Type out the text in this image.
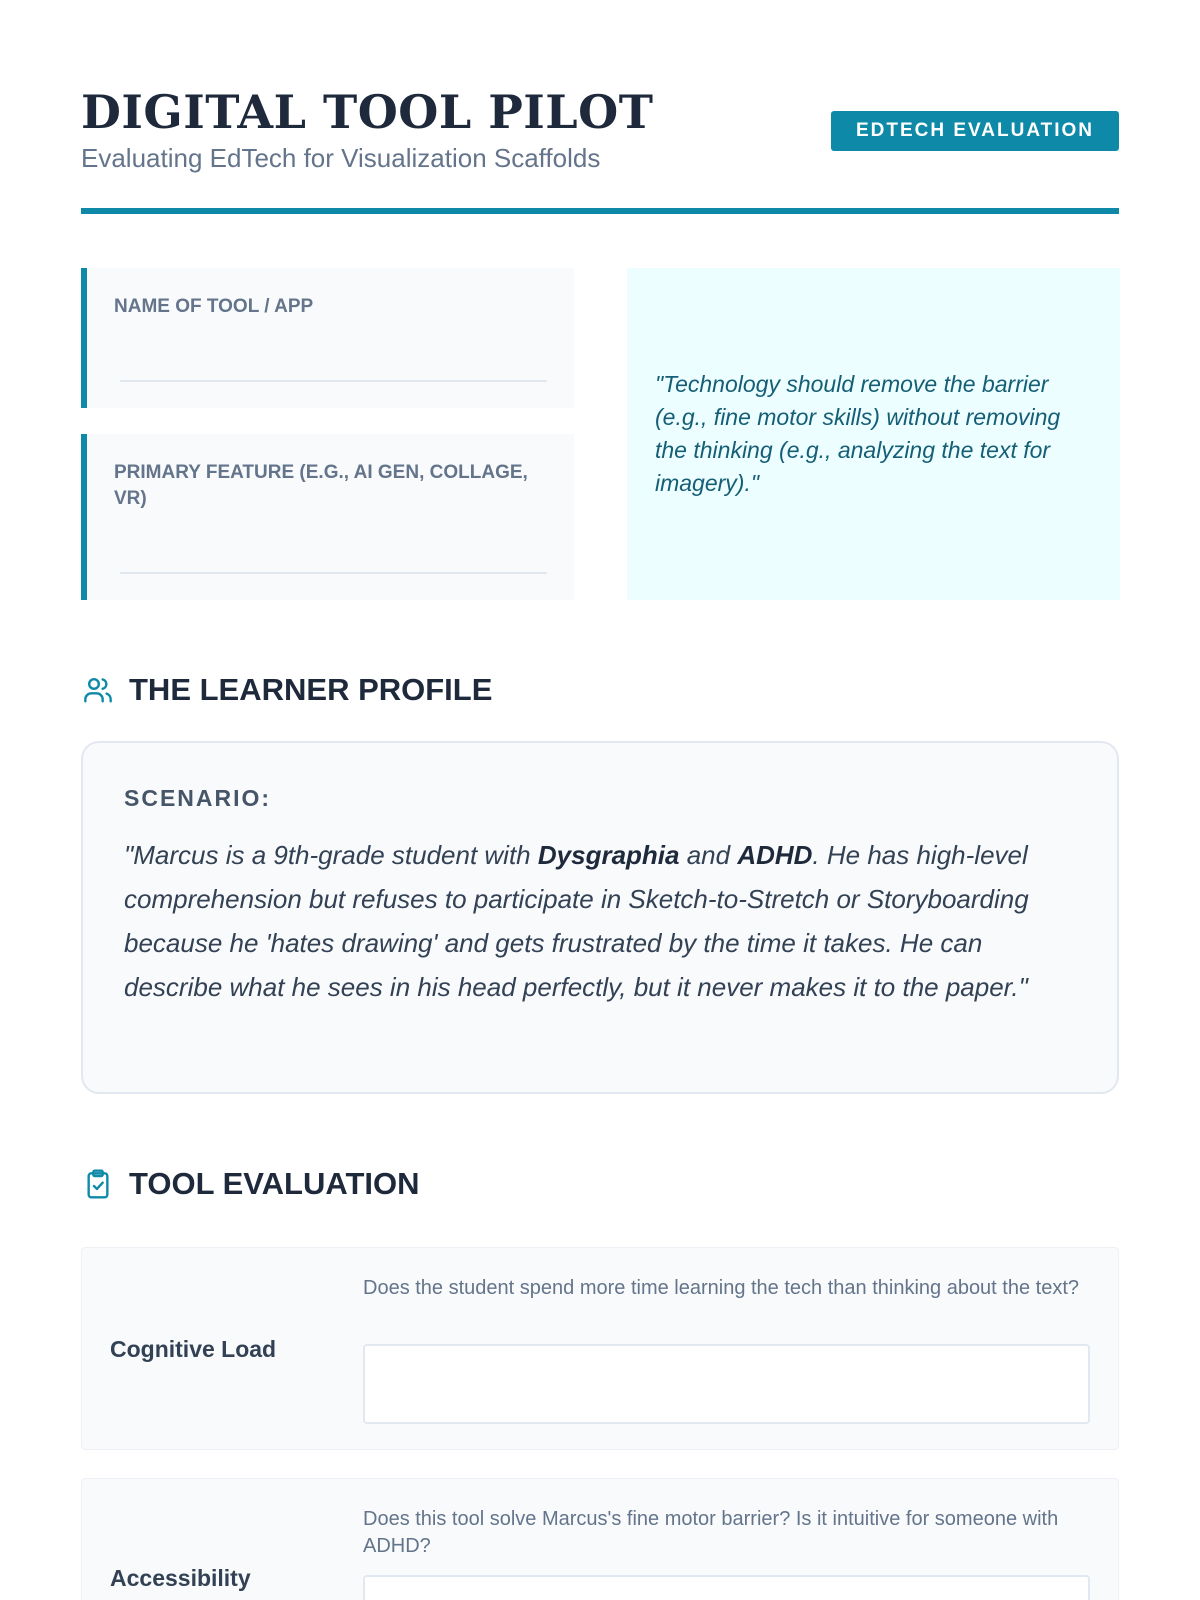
DIGITAL TOOL PILOT
Evaluating EdTech for Visualization Scaffolds
EDTECH EVALUATION
NAME OF TOOL / APP
PRIMARY FEATURE (E.G., AI GEN, COLLAGE, VR)

"Technology should remove the barrier (e.g., fine motor skills) without removing the thinking (e.g., analyzing the text for imagery)."

THE LEARNER PROFILE
SCENARIO:

"Marcus is a 9th-grade student with Dysgraphia and ADHD. He has high-level comprehension but refuses to participate in Sketch-to-Stretch or Storyboarding because he 'hates drawing' and gets frustrated by the time it takes. He can describe what he sees in his head perfectly, but it never makes it to the paper."

TOOL EVALUATION
Cognitive Load
Does the student spend more time learning the tech than thinking about the text?
Accessibility
Does this tool solve Marcus's fine motor barrier? Is it intuitive for someone with ADHD?
